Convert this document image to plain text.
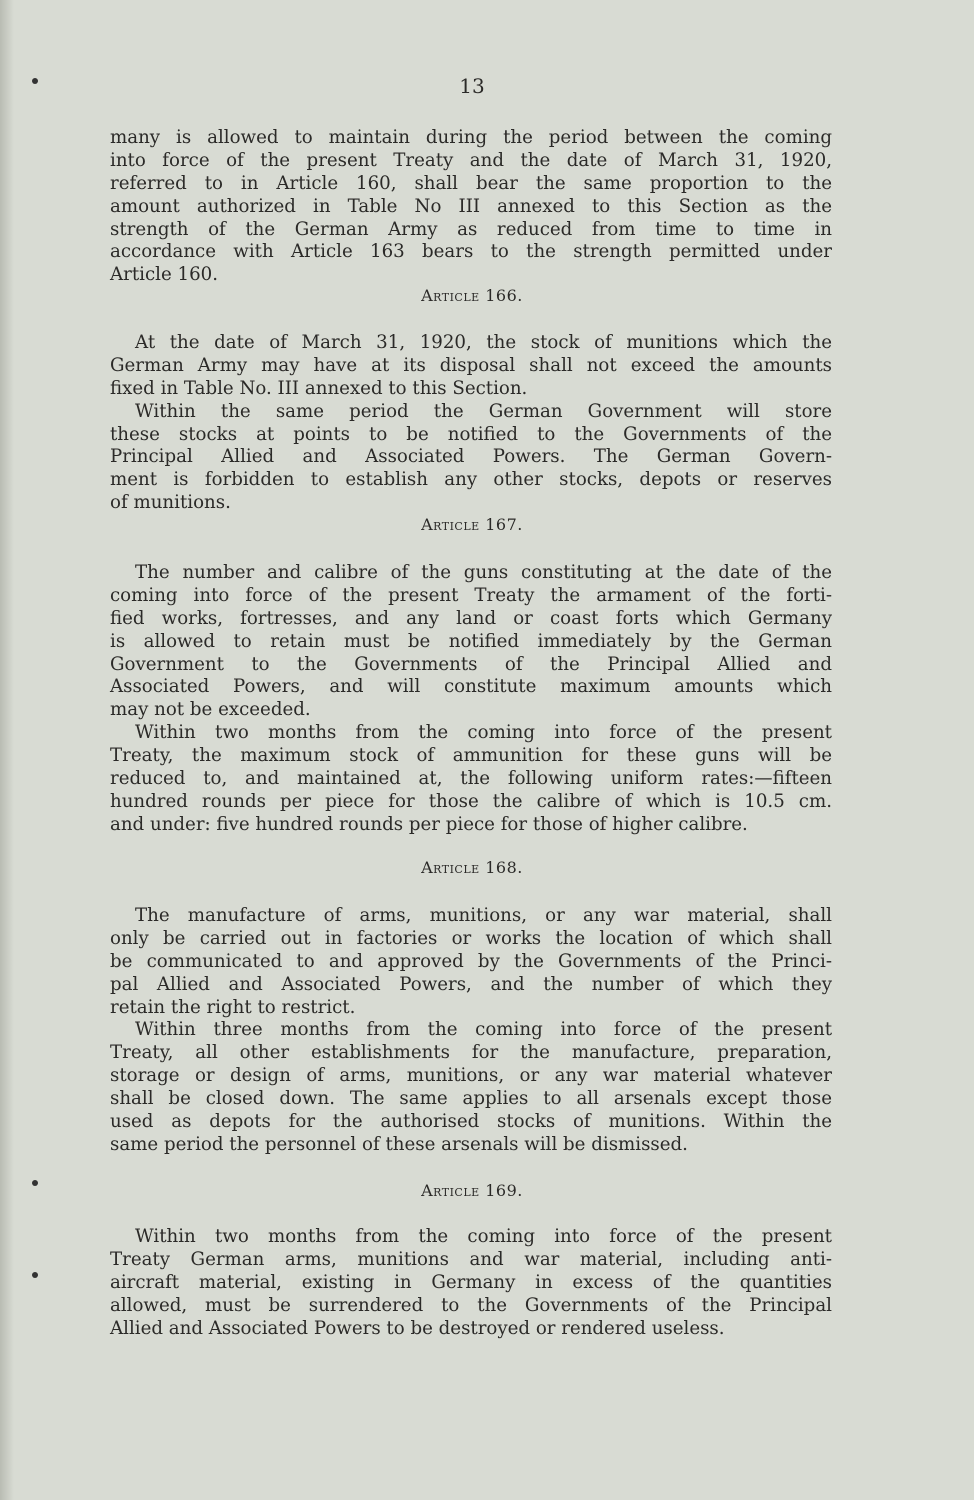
13
many is allowed to maintain during the period between the coming
into force of the present Treaty and the date of March 31, 1920,
referred to in Article 160, shall bear the same proportion to the
amount authorized in Table No III annexed to this Section as the
strength of the German Army as reduced from time to time in
accordance with Article 163 bears to the strength permitted under
Article 160.
Article 166.
At the date of March 31, 1920, the stock of munitions which the
German Army may have at its disposal shall not exceed the amounts
fixed in Table No. III annexed to this Section.
Within the same period the German Government will store
these stocks at points to be notified to the Governments of the
Principal Allied and Associated Powers. The German Govern-
ment is forbidden to establish any other stocks, depots or reserves
of munitions.
Article 167.
The number and calibre of the guns constituting at the date of the
coming into force of the present Treaty the armament of the forti-
fied works, fortresses, and any land or coast forts which Germany
is allowed to retain must be notified immediately by the German
Government to the Governments of the Principal Allied and
Associated Powers, and will constitute maximum amounts which
may not be exceeded.
Within two months from the coming into force of the present
Treaty, the maximum stock of ammunition for these guns will be
reduced to, and maintained at, the following uniform rates:—fifteen
hundred rounds per piece for those the calibre of which is 10.5 cm.
and under: five hundred rounds per piece for those of higher calibre.
Article 168.
The manufacture of arms, munitions, or any war material, shall
only be carried out in factories or works the location of which shall
be communicated to and approved by the Governments of the Princi-
pal Allied and Associated Powers, and the number of which they
retain the right to restrict.
Within three months from the coming into force of the present
Treaty, all other establishments for the manufacture, preparation,
storage or design of arms, munitions, or any war material whatever
shall be closed down. The same applies to all arsenals except those
used as depots for the authorised stocks of munitions. Within the
same period the personnel of these arsenals will be dismissed.
Article 169.
Within two months from the coming into force of the present
Treaty German arms, munitions and war material, including anti-
aircraft material, existing in Germany in excess of the quantities
allowed, must be surrendered to the Governments of the Principal
Allied and Associated Powers to be destroyed or rendered useless.
